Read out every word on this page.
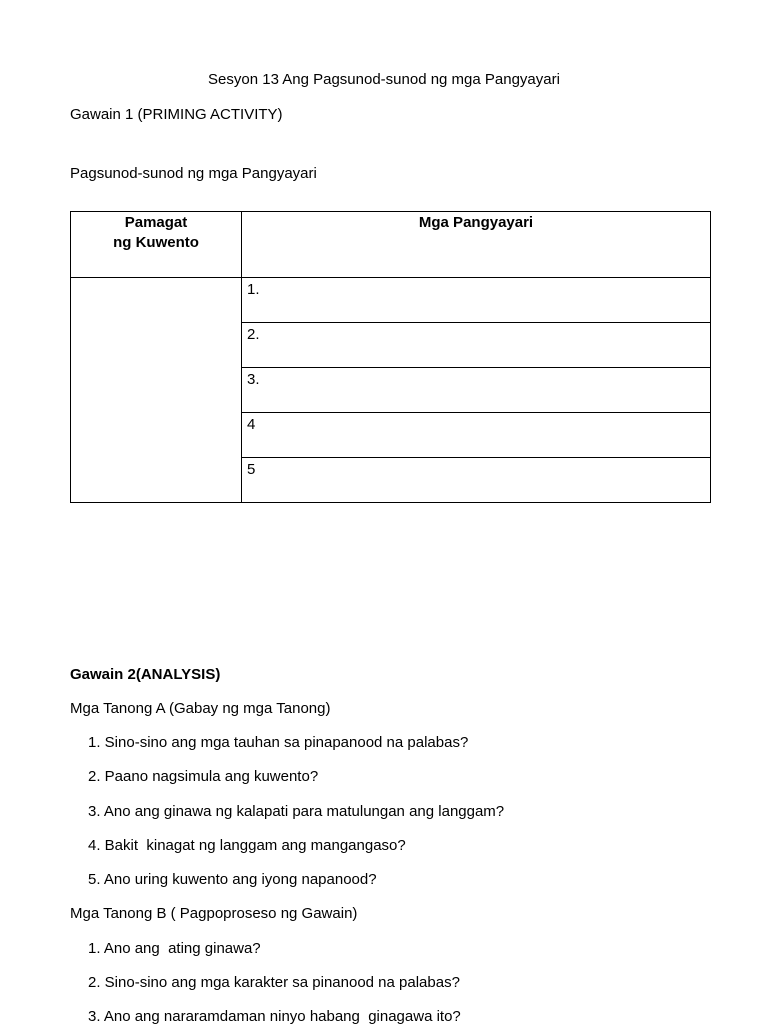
Sesyon 13 Ang Pagsunod-sunod ng mga Pangyayari
Gawain 1 (PRIMING ACTIVITY)
Pagsunod-sunod ng mga Pangyayari
Pamagat
ng Kuwento	Mga Pangyayari
	1.
	2.
	3.
	4
	5
Gawain 2(ANALYSIS)
Mga Tanong A (Gabay ng mga Tanong)
1. Sino-sino ang mga tauhan sa pinapanood na palabas?
2. Paano nagsimula ang kuwento?
3. Ano ang ginawa ng kalapati para matulungan ang langgam?
4. Bakit  kinagat ng langgam ang mangangaso?
5. Ano uring kuwento ang iyong napanood?
Mga Tanong B ( Pagpoproseso ng Gawain)
1. Ano ang  ating ginawa?
2. Sino-sino ang mga karakter sa pinanood na palabas?
3. Ano ang nararamdaman ninyo habang  ginagawa ito?
